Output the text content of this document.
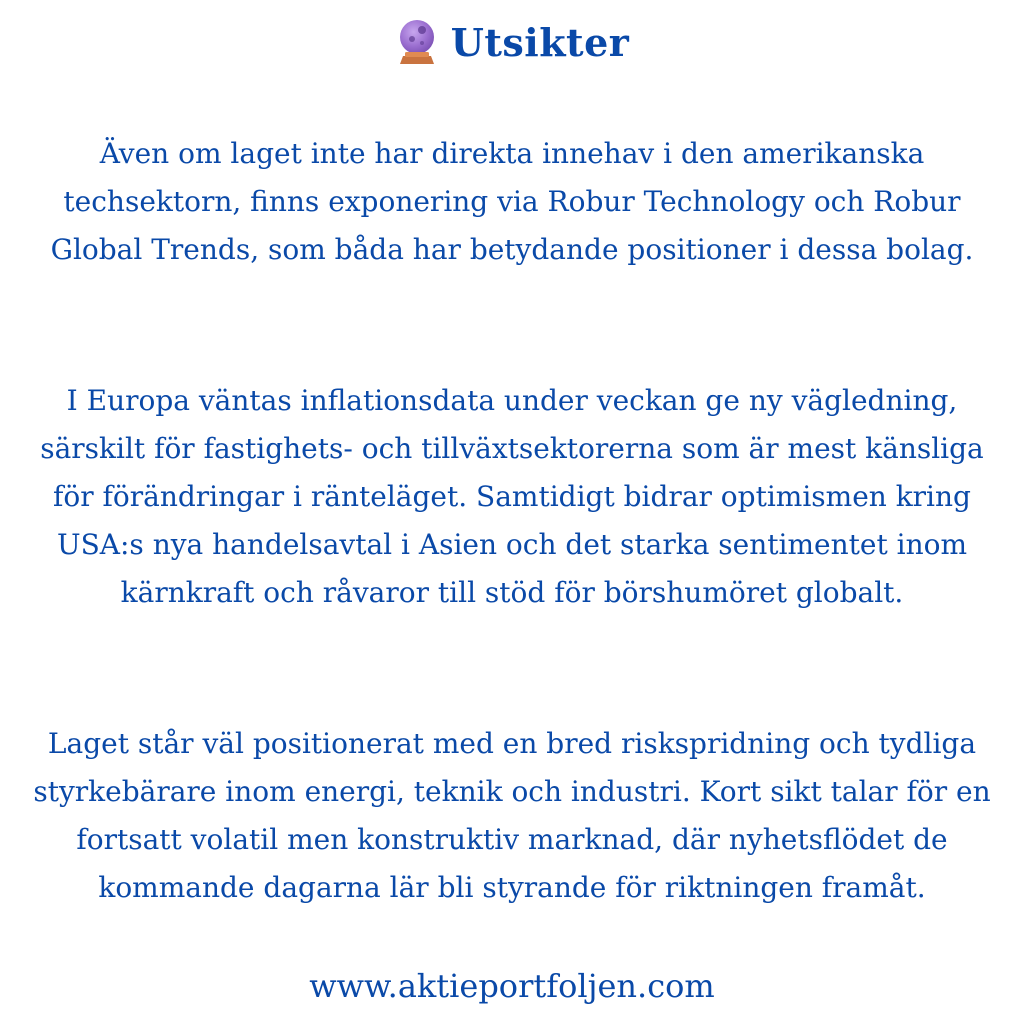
Utsikter

Även om laget inte har direkta innehav i den amerikanska techsektorn, finns exponering via Robur Technology och Robur Global Trends, som båda har betydande positioner i dessa bolag.

I Europa väntas inflationsdata under veckan ge ny vägledning, särskilt för fastighets- och tillväxtsektorerna som är mest känsliga för förändringar i ränteläget. Samtidigt bidrar optimismen kring USA:s nya handelsavtal i Asien och det starka sentimentet inom kärnkraft och råvaror till stöd för börshumöret globalt.

Laget står väl positionerat med en bred riskspridning och tydliga styrkebärare inom energi, teknik och industri. Kort sikt talar för en fortsatt volatil men konstruktiv marknad, där nyhetsflödet de kommande dagarna lär bli styrande för riktningen framåt.

www.aktieportfoljen.com
